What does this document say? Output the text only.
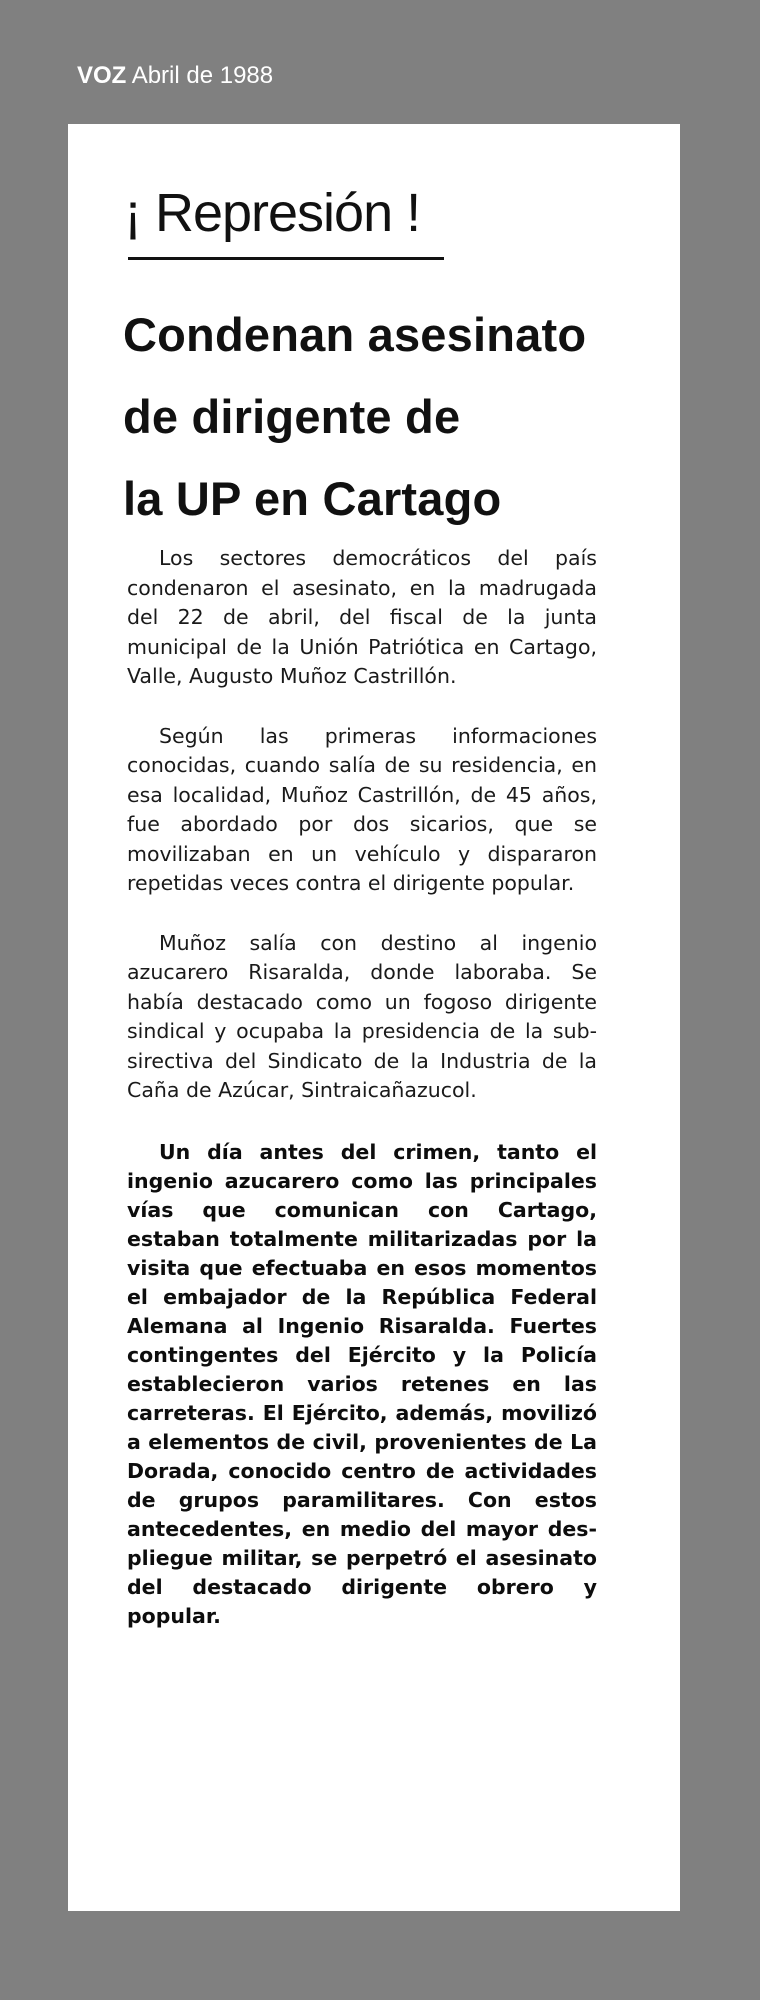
VOZ Abril de 1988
¡ Represión !
Condenan asesinato
de dirigente de
la UP en Cartago

Los sectores democráticos del país condenaron el asesinato, en la madrugada del 22 de abril, del fiscal de la junta municipal de la Unión Patriótica en Cartago, Valle, Augusto Muñoz Castrillón.

Según las primeras informaciones conocidas, cuando salía de su residencia, en esa localidad, Muñoz Castrillón, de 45 años, fue abordado por dos sicarios, que se movilizaban en un vehículo y dispararon repetidas veces contra el dirigente popular.

Muñoz salía con destino al ingenio azucarero Risaralda, donde laboraba. Se había destacado como un fogoso dirigente sindical y ocupaba la presidencia de la subsirectiva del Sindicato de la Industria de la Caña de Azúcar, Sintraicañazucol.

Un día antes del crimen, tanto el ingenio azucarero como las principales vías que comunican con Cartago, estaban totalmente militarizadas por la visita que efectuaba en esos momentos el embajador de la República Federal Alemana al Ingenio Risaralda. Fuertes contingentes del Ejército y la Policía establecieron varios retenes en las carreteras. El Ejército, además, movilizó a elementos de civil, provenientes de La Dorada, conocido centro de actividades de grupos paramilitares. Con estos antecedentes, en medio del mayor despliegue militar, se perpetró el asesinato del destacado dirigente obrero y popular.
